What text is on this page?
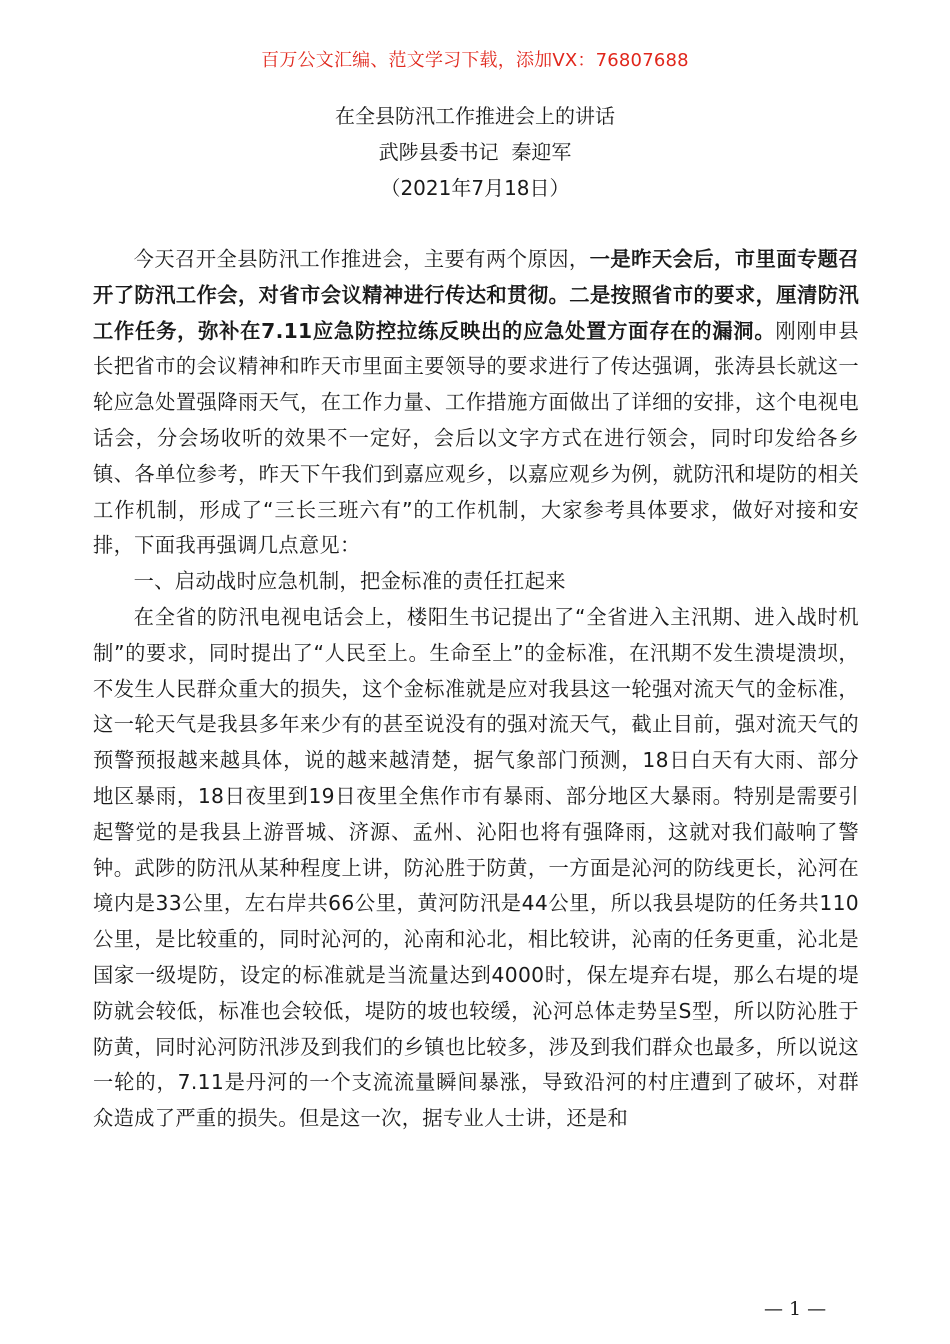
百万公文汇编、范文学习下载，添加VX：76807688
在全县防汛工作推进会上的讲话
武陟县委书记  秦迎军
（2021年7月18日）

今天召开全县防汛工作推进会，主要有两个原因，一是昨天会后，市里面专题召开了防汛工作会，对省市会议精神进行传达和贯彻。二是按照省市的要求，厘清防汛工作任务，弥补在7.11应急防控拉练反映出的应急处置方面存在的漏洞。刚刚申县长把省市的会议精神和昨天市里面主要领导的要求进行了传达强调，张涛县长就这一轮应急处置强降雨天气，在工作力量、工作措施方面做出了详细的安排，这个电视电话会，分会场收听的效果不一定好，会后以文字方式在进行领会，同时印发给各乡镇、各单位参考，昨天下午我们到嘉应观乡，以嘉应观乡为例，就防汛和堤防的相关工作机制，形成了“三长三班六有”的工作机制，大家参考具体要求，做好对接和安排，下面我再强调几点意见：

一、启动战时应急机制，把金标准的责任扛起来

在全省的防汛电视电话会上，楼阳生书记提出了“全省进入主汛期、进入战时机制”的要求，同时提出了“人民至上。生命至上”的金标准，在汛期不发生溃堤溃坝，不发生人民群众重大的损失，这个金标准就是应对我县这一轮强对流天气的金标准，这一轮天气是我县多年来少有的甚至说没有的强对流天气，截止目前，强对流天气的预警预报越来越具体，说的越来越清楚，据气象部门预测，18日白天有大雨、部分地区暴雨，18日夜里到19日夜里全焦作市有暴雨、部分地区大暴雨。特别是需要引起警觉的是我县上游晋城、济源、孟州、沁阳也将有强降雨，这就对我们敲响了警钟。武陟的防汛从某种程度上讲，防沁胜于防黄，一方面是沁河的防线更长，沁河在境内是33公里，左右岸共66公里，黄河防汛是44公里，所以我县堤防的任务共110公里，是比较重的，同时沁河的，沁南和沁北，相比较讲，沁南的任务更重，沁北是国家一级堤防，设定的标准就是当流量达到4000时，保左堤弃右堤，那么右堤的堤防就会较低，标准也会较低，堤防的坡也较缓，沁河总体走势呈S型，所以防沁胜于防黄，同时沁河防汛涉及到我们的乡镇也比较多，涉及到我们群众也最多，所以说这一轮的，7.11是丹河的一个支流流量瞬间暴涨，导致沿河的村庄遭到了破坏，对群众造成了严重的损失。但是这一次，据专业人士讲，还是和

— 1 —
